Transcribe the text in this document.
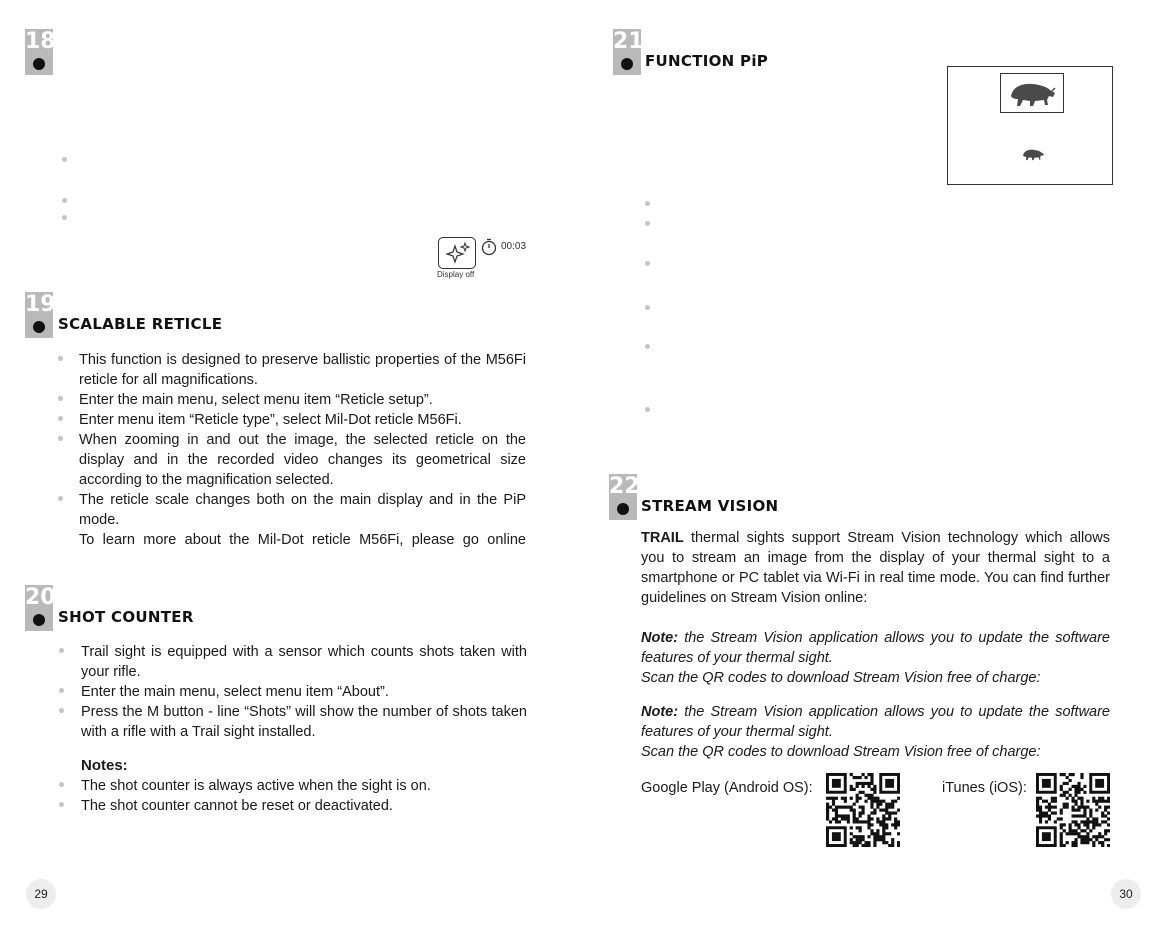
18
00:03
Display off
19
SCALABLE RETICLE
This function is designed to preserve ballistic properties of the M56Fi
reticle for all magnifications.
Enter the main menu, select menu item “Reticle setup”.
Enter menu item “Reticle type”, select Mil-Dot reticle M56Fi.
When zooming in and out the image, the selected reticle on the
display and in the recorded video changes its geometrical size
according to the magnification selected.
The reticle scale changes both on the main display and in the PiP
mode.
To learn more about the Mil-Dot reticle M56Fi, please go online
20
SHOT COUNTER
Trail sight is equipped with a sensor which counts shots taken with
your rifle.
Enter the main menu, select menu item “About”.
Press the M button - line “Shots” will show the number of shots taken
with a rifle with a Trail sight installed.
Notes:
The shot counter is always active when the sight is on.
The shot counter cannot be reset or deactivated.
29
21
FUNCTION PiP
22
STREAM VISION
TRAIL thermal sights support Stream Vision technology which allows
you to stream an image from the display of your thermal sight to a
smartphone or PC tablet via Wi-Fi in real time mode. You can find further
guidelines on Stream Vision online:
Note: the Stream Vision application allows you to update the software
features of your thermal sight.
Scan the QR codes to download Stream Vision free of charge:
Note: the Stream Vision application allows you to update the software
features of your thermal sight.
Scan the QR codes to download Stream Vision free of charge:
Google Play (Android OS):	iTunes (iOS):
30
